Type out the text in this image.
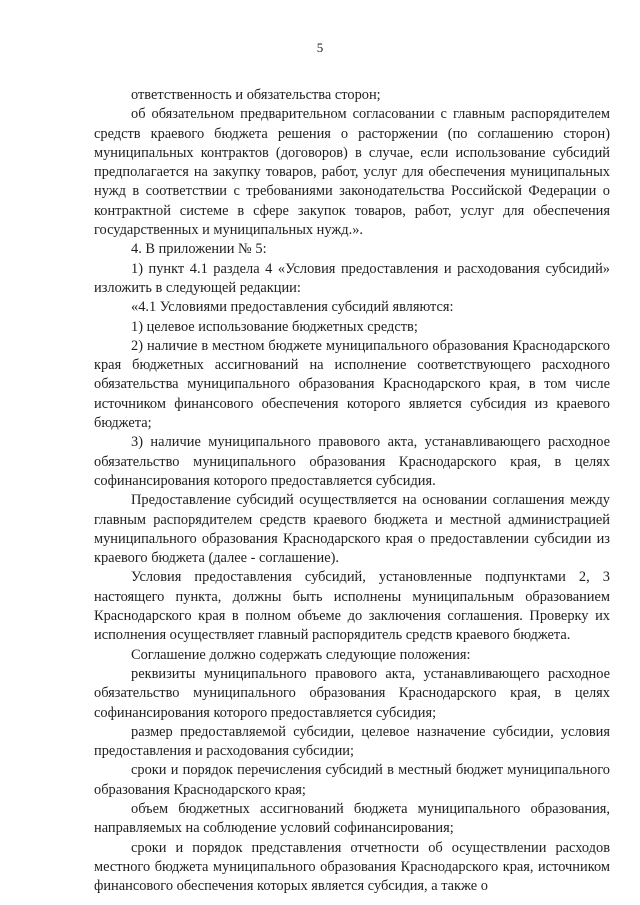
5

ответственность и обязательства сторон;

об обязательном предварительном согласовании с главным распорядителем средств краевого бюджета решения о расторжении (по соглашению сторон) муниципальных контрактов (договоров) в случае, если использование субсидий предполагается на закупку товаров, работ, услуг для обеспечения муниципальных нужд в соответствии с требованиями законодательства Российской Федерации о контрактной системе в сфере закупок товаров, работ, услуг для обеспечения государственных и муниципальных нужд.».

4. В приложении № 5:

1) пункт 4.1 раздела 4 «Условия предоставления и расходования субсидий» изложить в следующей редакции:

«4.1 Условиями предоставления субсидий являются:

1) целевое использование бюджетных средств;

2) наличие в местном бюджете муниципального образования Краснодарского края бюджетных ассигнований на исполнение соответствующего расходного обязательства муниципального образования Краснодарского края, в том числе источником финансового обеспечения которого является субсидия из краевого бюджета;

3) наличие муниципального правового акта, устанавливающего расходное обязательство муниципального образования Краснодарского края, в целях софинансирования которого предоставляется субсидия.

Предоставление субсидий осуществляется на основании соглашения между главным распорядителем средств краевого бюджета и местной администрацией муниципального образования Краснодарского края о предоставлении субсидии из краевого бюджета (далее - соглашение).

Условия предоставления субсидий, установленные подпунктами 2, 3 настоящего пункта, должны быть исполнены муниципальным образованием Краснодарского края в полном объеме до заключения соглашения. Проверку их исполнения осуществляет главный распорядитель средств краевого бюджета.

Соглашение должно содержать следующие положения:

реквизиты муниципального правового акта, устанавливающего расходное обязательство муниципального образования Краснодарского края, в целях софинансирования которого предоставляется субсидия;

размер предоставляемой субсидии, целевое назначение субсидии, условия предоставления и расходования субсидии;

сроки и порядок перечисления субсидий в местный бюджет муниципального образования Краснодарского края;

объем бюджетных ассигнований бюджета муниципального образования, направляемых на соблюдение условий софинансирования;

сроки и порядок представления отчетности об осуществлении расходов местного бюджета муниципального образования Краснодарского края, источником финансового обеспечения которых является субсидия, а также о
